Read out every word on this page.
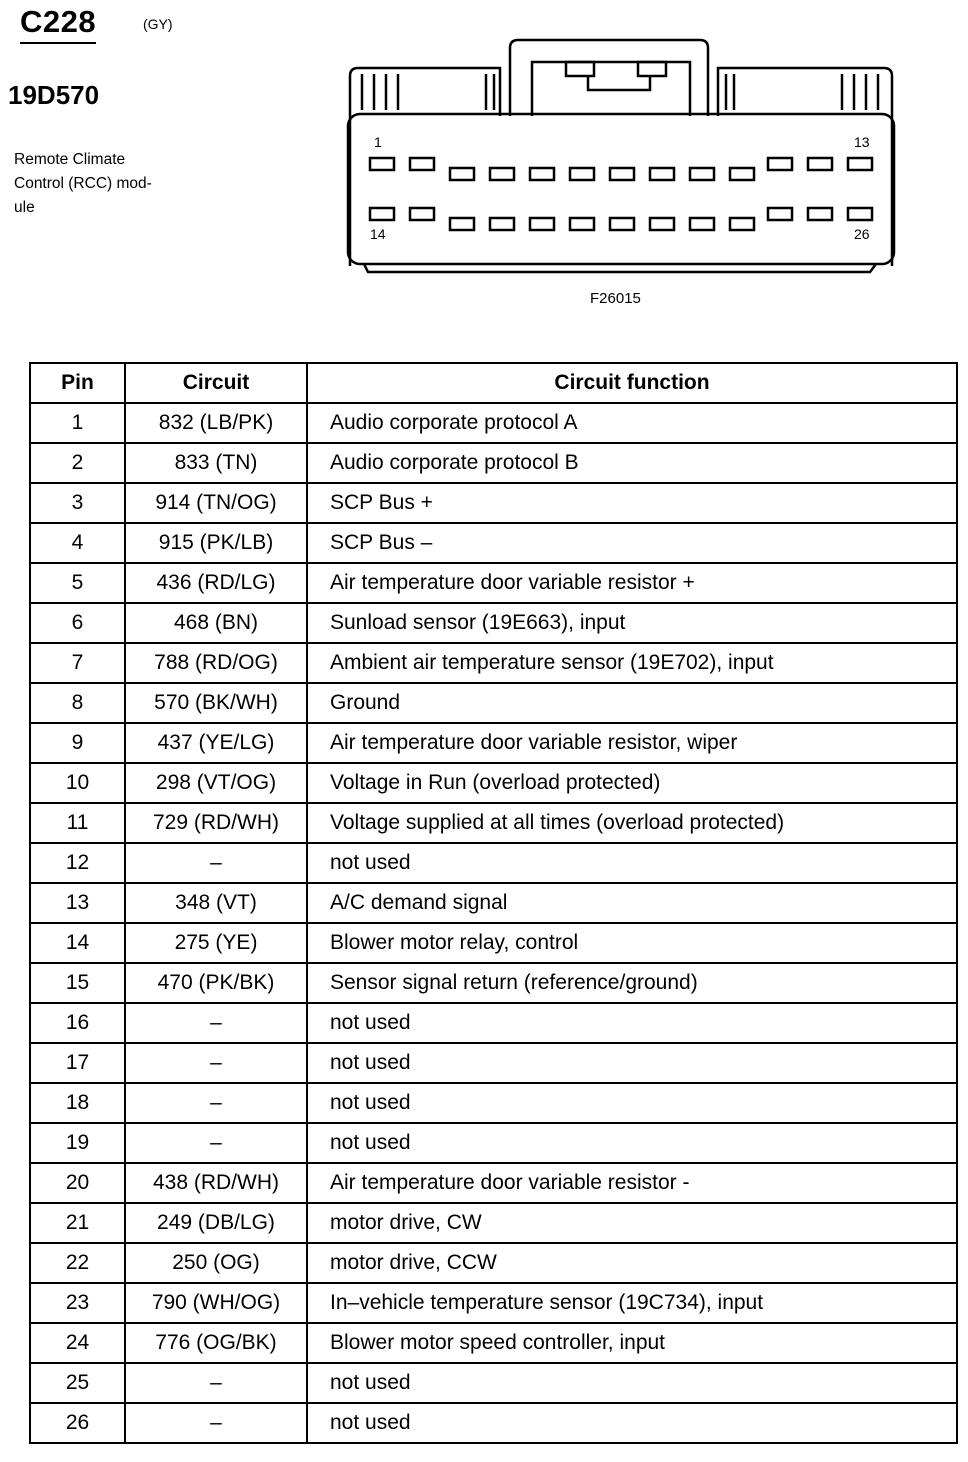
C228	(GY)
19D570
Remote Climate
Control (RCC) mod-
ule
1	13
14	26
F26015
Pin	Circuit	Circuit function
1	832 (LB/PK)	Audio corporate protocol A
2	833 (TN)	Audio corporate protocol B
3	914 (TN/OG)	SCP Bus +
4	915 (PK/LB)	SCP Bus –
5	436 (RD/LG)	Air temperature door variable resistor +
6	468 (BN)	Sunload sensor (19E663), input
7	788 (RD/OG)	Ambient air temperature sensor (19E702), input
8	570 (BK/WH)	Ground
9	437 (YE/LG)	Air temperature door variable resistor, wiper
10	298 (VT/OG)	Voltage in Run (overload protected)
11	729 (RD/WH)	Voltage supplied at all times (overload protected)
12	–	not used
13	348 (VT)	A/C demand signal
14	275 (YE)	Blower motor relay, control
15	470 (PK/BK)	Sensor signal return (reference/ground)
16	–	not used
17	–	not used
18	–	not used
19	–	not used
20	438 (RD/WH)	Air temperature door variable resistor -
21	249 (DB/LG)	motor drive, CW
22	250 (OG)	motor drive, CCW
23	790 (WH/OG)	In–vehicle temperature sensor (19C734), input
24	776 (OG/BK)	Blower motor speed controller, input
25	–	not used
26	–	not used
